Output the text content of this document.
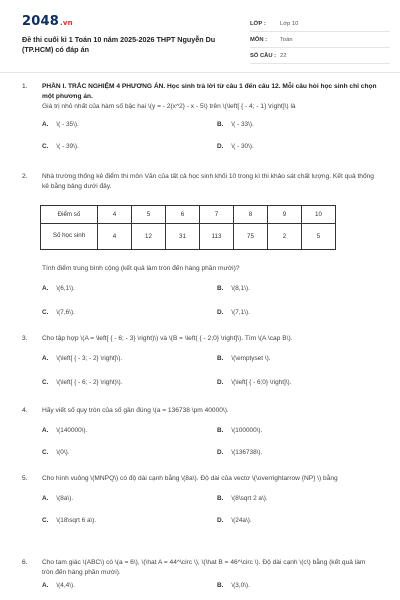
2048.vn
Đề thi cuối kì 1 Toán 10 năm 2025-2026 THPT Nguyễn Du (TP.HCM) có đáp án
LỚP :	Lớp 10
MÔN :	Toán
SỐ CÂU : 22
1.	PHẦN I. TRẮC NGHIỆM 4 PHƯƠNG ÁN. Học sinh trả lời từ câu 1 đến câu 12. Mỗi câu hỏi học sinh chỉ chọn một phương án.
Giá trị nhỏ nhất của hàm số bậc hai \(y = - 2{x^2} - x - 5\) trên \(\left[ { - 4; - 1} \right]\) là
A. \( - 35\).	B. \( - 33\).
C. \( - 39\).	D. \( - 30\).
2.	Nhà trường thống kê điểm thi môn Văn của tất cả học sinh khối 10 trong kì thi khảo sát chất lượng. Kết quả thống kê bằng bảng dưới đây.
Điểm số	4	5	6	7	8	9	10
Số học sinh	4	12	31	113	75	2	5
Tính điểm trung bình cộng (kết quả làm tròn đến hàng phần mười)?
A. \(6,1\).	B. \(8,1\).
C. \(7,6\).	D. \(7,1\).
3.	Cho tập hợp \(A = \left[ { - 6; - 3} \right)\) và \(B = \left( { - 2;0} \right]\). Tìm \(A \cap B\).
A. \(\left[ { - 3; - 2} \right]\).	B. \(\emptyset \).
C. \(\left[ { - 6; - 2} \right)\).	D. \(\left[ { - 6;0} \right]\).
4.	Hãy viết số quy tròn của số gần đúng \(a = 136738 \pm 40000\).
A. \(140000\).	B. \(100000\).
C. \(0\).	D. \(136738\).
5.	Cho hình vuông \(MNPQ\) có độ dài cạnh bằng \(8a\). Độ dài của vectơ \(\overrightarrow {NP} \) bằng
A. \(8a\).	B. \(8\sqrt 2 a\).
C. \(18\sqrt 6 a\).	D. \(24a\).
6.	Cho tam giác \(ABC\) có \(a = 6\), \(\hat A = 44^\circ \), \(\hat B = 46^\circ \). Độ dài cạnh \(c\) bằng (kết quả làm tròn đến hàng phần mười).
A. \(4,4\).	B. \(3,0\).
